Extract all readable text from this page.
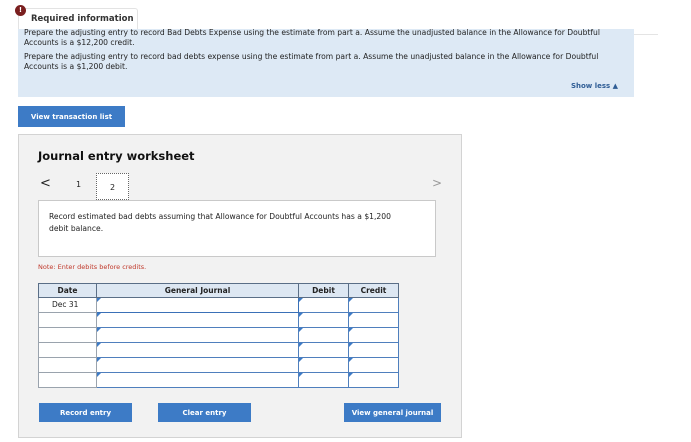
!
Required information

Prepare the adjusting entry to record Bad Debts Expense using the estimate from part a. Assume the unadjusted balance in the Allowance for Doubtful Accounts is a $12,200 credit.

Prepare the adjusting entry to record bad debts expense using the estimate from part a. Assume the unadjusted balance in the Allowance for Doubtful Accounts is a $1,200 debit.

Show less ▲
View transaction list
Journal entry worksheet
<	1	2	>

Record estimated bad debts assuming that Allowance for Doubtful Accounts has a $1,200 debit balance.

Note: Enter debits before credits.
Date	General Journal	Debit	Credit
Dec 31			

Record entry	Clear entry	View general journal
